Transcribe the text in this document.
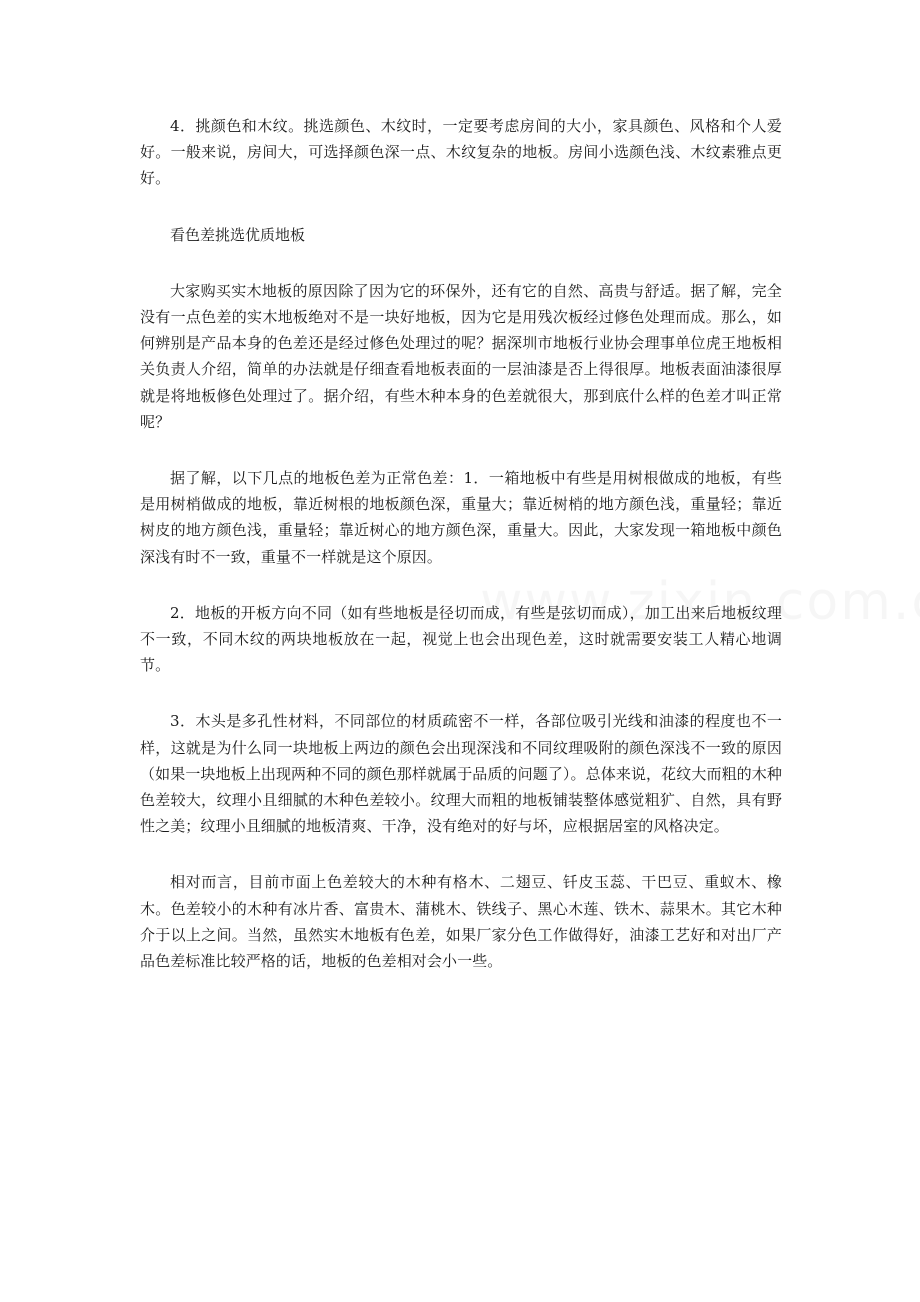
4．挑颜色和木纹。挑选颜色、木纹时，一定要考虑房间的大小，家具颜色、风格和个人爱好。一般来说，房间大，可选择颜色深一点、木纹复杂的地板。房间小选颜色浅、木纹素雅点更好。

看色差挑选优质地板

大家购买实木地板的原因除了因为它的环保外，还有它的自然、高贵与舒适。据了解，完全没有一点色差的实木地板绝对不是一块好地板，因为它是用残次板经过修色处理而成。那么，如何辨别是产品本身的色差还是经过修色处理过的呢？据深圳市地板行业协会理事单位虎王地板相关负责人介绍，简单的办法就是仔细查看地板表面的一层油漆是否上得很厚。地板表面油漆很厚就是将地板修色处理过了。据介绍，有些木种本身的色差就很大，那到底什么样的色差才叫正常呢？

据了解，以下几点的地板色差为正常色差：1．一箱地板中有些是用树根做成的地板，有些是用树梢做成的地板，靠近树根的地板颜色深，重量大；靠近树梢的地方颜色浅，重量轻；靠近树皮的地方颜色浅，重量轻；靠近树心的地方颜色深，重量大。因此，大家发现一箱地板中颜色深浅有时不一致，重量不一样就是这个原因。

2．地板的开板方向不同（如有些地板是径切而成，有些是弦切而成），加工出来后地板纹理不一致，不同木纹的两块地板放在一起，视觉上也会出现色差，这时就需要安装工人精心地调节。

3．木头是多孔性材料，不同部位的材质疏密不一样，各部位吸引光线和油漆的程度也不一样，这就是为什么同一块地板上两边的颜色会出现深浅和不同纹理吸附的颜色深浅不一致的原因（如果一块地板上出现两种不同的颜色那样就属于品质的问题了）。总体来说，花纹大而粗的木种色差较大，纹理小且细腻的木种色差较小。纹理大而粗的地板铺装整体感觉粗犷、自然，具有野性之美；纹理小且细腻的地板清爽、干净，没有绝对的好与坏，应根据居室的风格决定。

相对而言，目前市面上色差较大的木种有格木、二翅豆、钎皮玉蕊、干巴豆、重蚁木、橡木。色差较小的木种有冰片香、富贵木、蒲桃木、铁线子、黑心木莲、铁木、蒜果木。其它木种介于以上之间。当然，虽然实木地板有色差，如果厂家分色工作做得好，油漆工艺好和对出厂产品色差标准比较严格的话，地板的色差相对会小一些。
